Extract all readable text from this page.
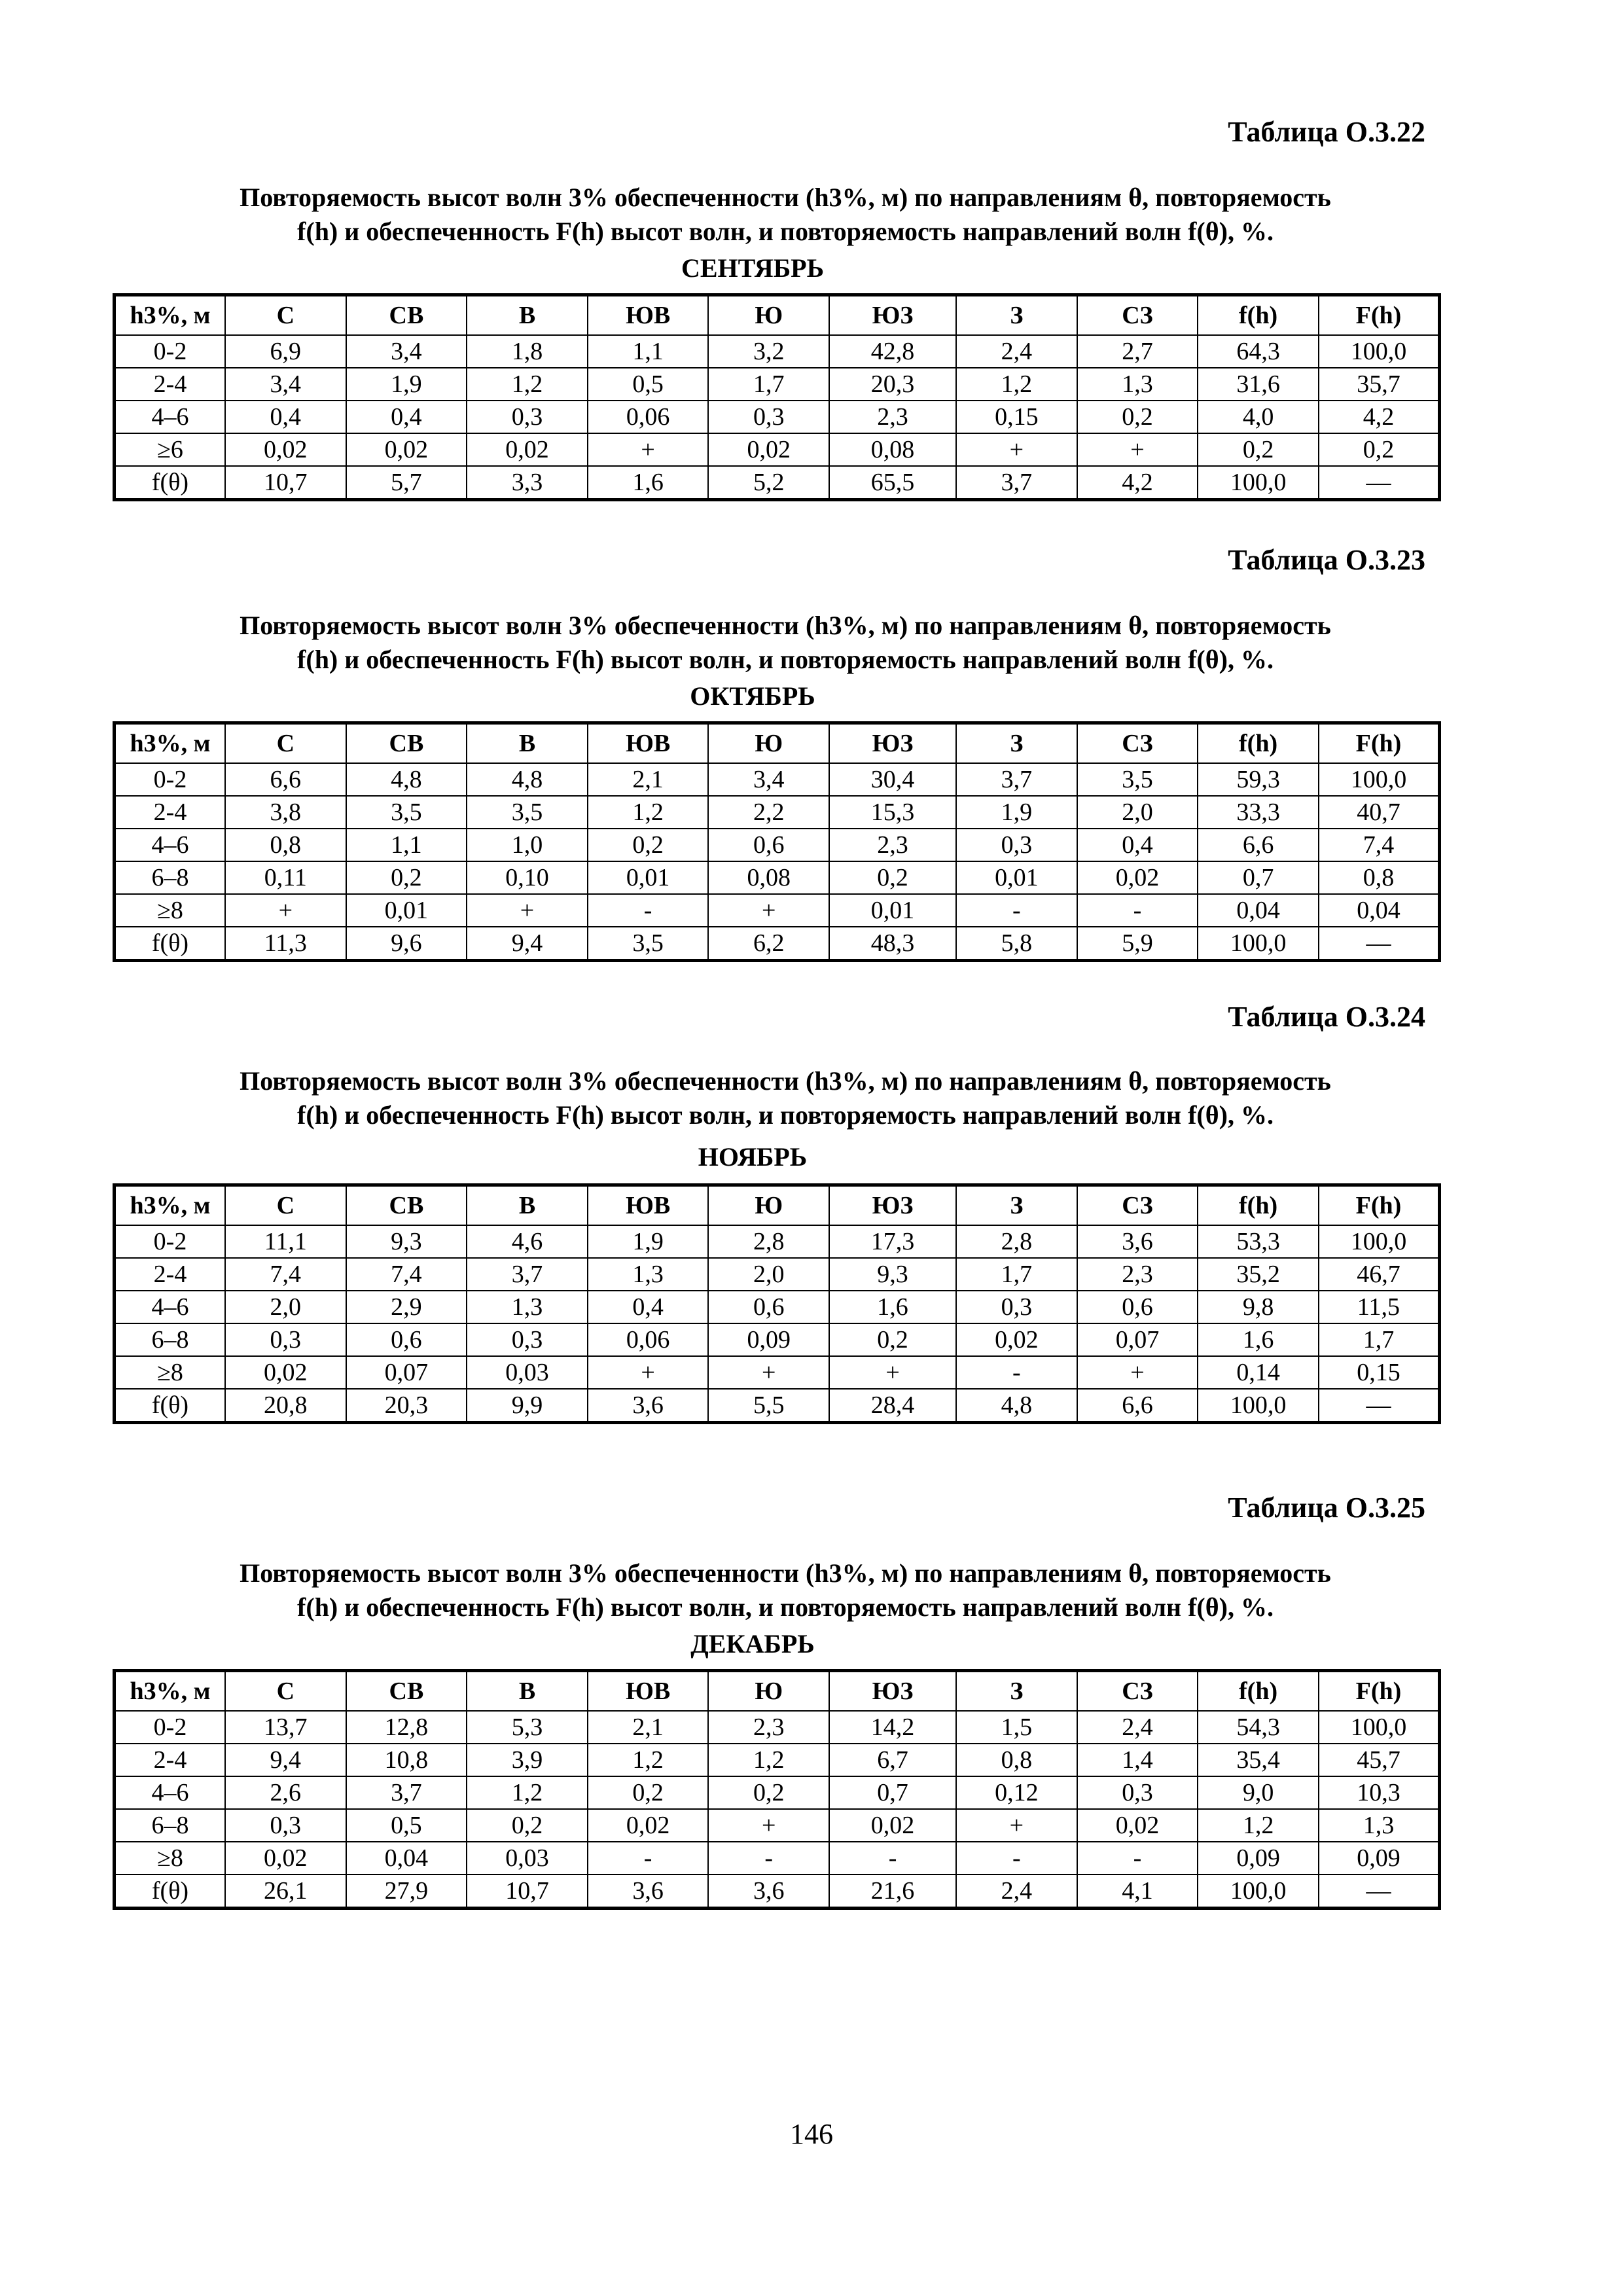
Таблица О.3.22
Повторяемость высот волн 3% обеспеченности (h3%, м) по направлениям θ, повторяемость
f(h) и обеспеченность F(h) высот волн, и повторяемость направлений волн f(θ), %.
СЕНТЯБРЬ
h3%, м	С	СВ	В	ЮВ	Ю	ЮЗ	З	СЗ	f(h)	F(h)
0-2	6,9	3,4	1,8	1,1	3,2	42,8	2,4	2,7	64,3	100,0
2-4	3,4	1,9	1,2	0,5	1,7	20,3	1,2	1,3	31,6	35,7
4–6	0,4	0,4	0,3	0,06	0,3	2,3	0,15	0,2	4,0	4,2
≥6	0,02	0,02	0,02	+	0,02	0,08	+	+	0,2	0,2
f(θ)	10,7	5,7	3,3	1,6	5,2	65,5	3,7	4,2	100,0	—
Таблица О.3.23
Повторяемость высот волн 3% обеспеченности (h3%, м) по направлениям θ, повторяемость
f(h) и обеспеченность F(h) высот волн, и повторяемость направлений волн f(θ), %.
ОКТЯБРЬ
h3%, м	С	СВ	В	ЮВ	Ю	ЮЗ	З	СЗ	f(h)	F(h)
0-2	6,6	4,8	4,8	2,1	3,4	30,4	3,7	3,5	59,3	100,0
2-4	3,8	3,5	3,5	1,2	2,2	15,3	1,9	2,0	33,3	40,7
4–6	0,8	1,1	1,0	0,2	0,6	2,3	0,3	0,4	6,6	7,4
6–8	0,11	0,2	0,10	0,01	0,08	0,2	0,01	0,02	0,7	0,8
≥8	+	0,01	+	-	+	0,01	-	-	0,04	0,04
f(θ)	11,3	9,6	9,4	3,5	6,2	48,3	5,8	5,9	100,0	—
Таблица О.3.24
Повторяемость высот волн 3% обеспеченности (h3%, м) по направлениям θ, повторяемость
f(h) и обеспеченность F(h) высот волн, и повторяемость направлений волн f(θ), %.
НОЯБРЬ
h3%, м	С	СВ	В	ЮВ	Ю	ЮЗ	З	СЗ	f(h)	F(h)
0-2	11,1	9,3	4,6	1,9	2,8	17,3	2,8	3,6	53,3	100,0
2-4	7,4	7,4	3,7	1,3	2,0	9,3	1,7	2,3	35,2	46,7
4–6	2,0	2,9	1,3	0,4	0,6	1,6	0,3	0,6	9,8	11,5
6–8	0,3	0,6	0,3	0,06	0,09	0,2	0,02	0,07	1,6	1,7
≥8	0,02	0,07	0,03	+	+	+	-	+	0,14	0,15
f(θ)	20,8	20,3	9,9	3,6	5,5	28,4	4,8	6,6	100,0	—
Таблица О.3.25
Повторяемость высот волн 3% обеспеченности (h3%, м) по направлениям θ, повторяемость
f(h) и обеспеченность F(h) высот волн, и повторяемость направлений волн f(θ), %.
ДЕКАБРЬ
h3%, м	С	СВ	В	ЮВ	Ю	ЮЗ	З	СЗ	f(h)	F(h)
0-2	13,7	12,8	5,3	2,1	2,3	14,2	1,5	2,4	54,3	100,0
2-4	9,4	10,8	3,9	1,2	1,2	6,7	0,8	1,4	35,4	45,7
4–6	2,6	3,7	1,2	0,2	0,2	0,7	0,12	0,3	9,0	10,3
6–8	0,3	0,5	0,2	0,02	+	0,02	+	0,02	1,2	1,3
≥8	0,02	0,04	0,03	-	-	-	-	-	0,09	0,09
f(θ)	26,1	27,9	10,7	3,6	3,6	21,6	2,4	4,1	100,0	—
146
